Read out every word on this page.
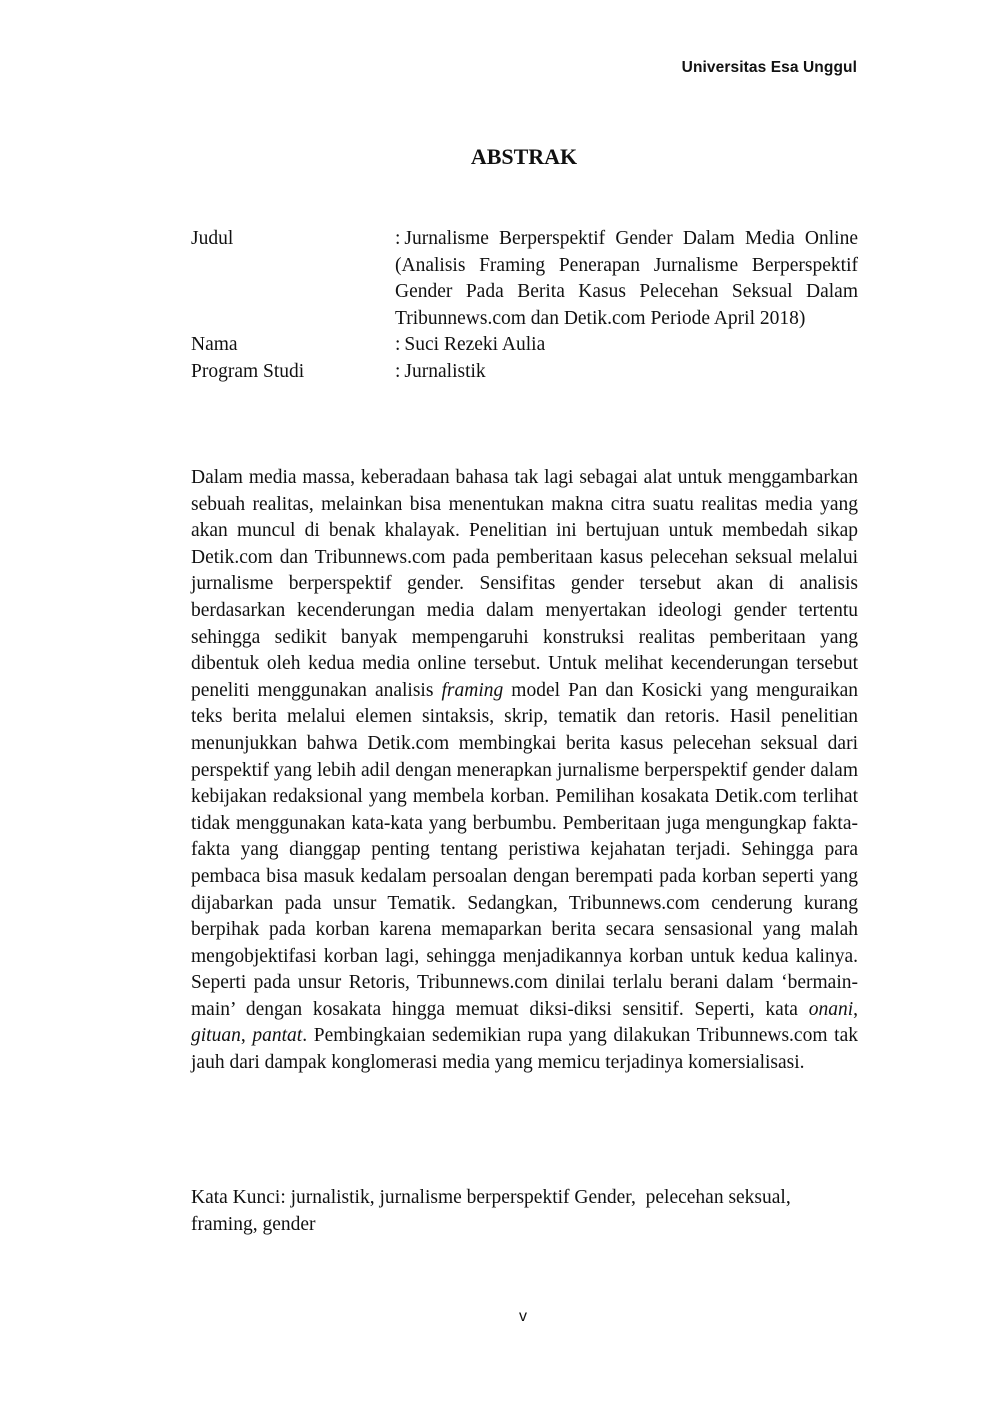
Universitas Esa Unggul
ABSTRAK
Judul	: Jurnalisme Berperspektif Gender Dalam Media Online (Analisis Framing Penerapan Jurnalisme Berperspektif Gender Pada Berita Kasus Pelecehan Seksual Dalam Tribunnews.com dan Detik.com Periode April 2018)
Nama	: Suci Rezeki Aulia
Program Studi	: Jurnalistik

Dalam media massa, keberadaan bahasa tak lagi sebagai alat untuk menggambarkan sebuah realitas, melainkan bisa menentukan makna citra suatu realitas media yang akan muncul di benak khalayak. Penelitian ini bertujuan untuk membedah sikap Detik.com dan Tribunnews.com pada pemberitaan kasus pelecehan seksual melalui jurnalisme berperspektif gender. Sensifitas gender tersebut akan di analisis berdasarkan kecenderungan media dalam menyertakan ideologi gender tertentu sehingga sedikit banyak mempengaruhi konstruksi realitas pemberitaan yang dibentuk oleh kedua media online tersebut. Untuk melihat kecenderungan tersebut peneliti menggunakan analisis framing model Pan dan Kosicki yang menguraikan teks berita melalui elemen sintaksis, skrip, tematik dan retoris. Hasil penelitian menunjukkan bahwa Detik.com membingkai berita kasus pelecehan seksual dari perspektif yang lebih adil dengan menerapkan jurnalisme berperspektif gender dalam kebijakan redaksional yang membela korban. Pemilihan kosakata Detik.com terlihat tidak menggunakan kata-kata yang berbumbu. Pemberitaan juga mengungkap fakta-fakta yang dianggap penting tentang peristiwa kejahatan terjadi. Sehingga para pembaca bisa masuk kedalam persoalan dengan berempati pada korban seperti yang dijabarkan pada unsur Tematik. Sedangkan, Tribunnews.com cenderung kurang berpihak pada korban karena memaparkan berita secara sensasional yang malah mengobjektifasi korban lagi, sehingga menjadikannya korban untuk kedua kalinya. Seperti pada unsur Retoris, Tribunnews.com dinilai terlalu berani dalam ‘bermain-main’ dengan kosakata hingga memuat diksi-diksi sensitif. Seperti, kata onani, gituan, pantat. Pembingkaian sedemikian rupa yang dilakukan Tribunnews.com tak jauh dari dampak konglomerasi media yang memicu terjadinya komersialisasi.

Kata Kunci: jurnalistik, jurnalisme berperspektif Gender,  pelecehan seksual,
framing, gender

v
